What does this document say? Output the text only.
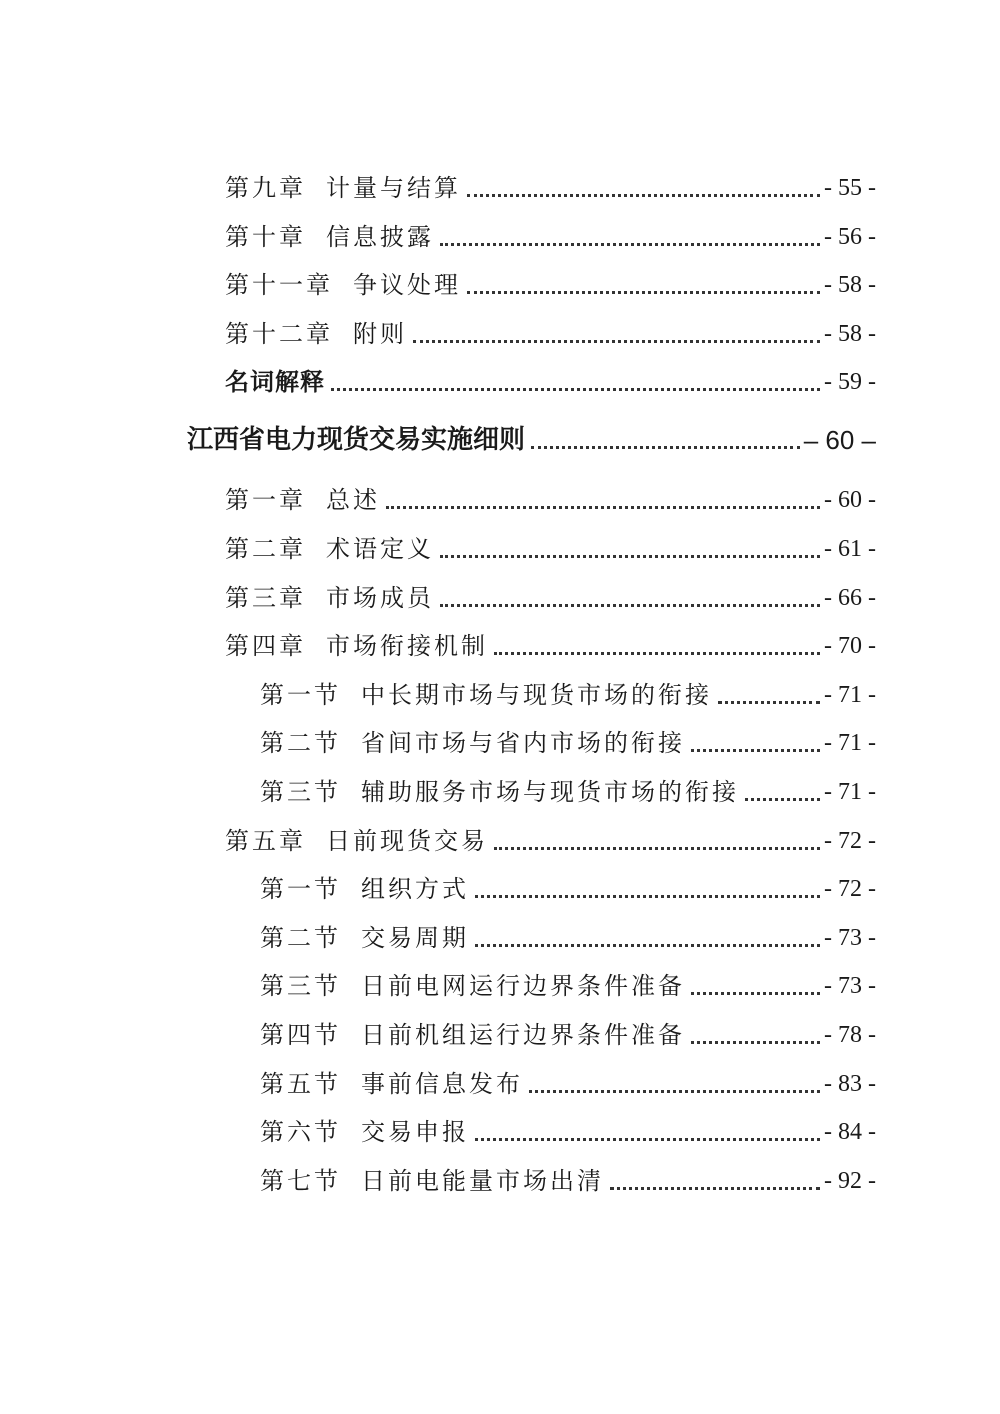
第九章 计量与结算	- 55 -
第十章 信息披露	- 56 -
第十一章 争议处理	- 58 -
第十二章 附则	- 58 -
名词解释	- 59 -
江西省电力现货交易实施细则	– 60 –
第一章 总述	- 60 -
第二章 术语定义	- 61 -
第三章 市场成员	- 66 -
第四章 市场衔接机制	- 70 -
第一节 中长期市场与现货市场的衔接	- 71 -
第二节 省间市场与省内市场的衔接	- 71 -
第三节 辅助服务市场与现货市场的衔接	- 71 -
第五章 日前现货交易	- 72 -
第一节 组织方式	- 72 -
第二节 交易周期	- 73 -
第三节 日前电网运行边界条件准备	- 73 -
第四节 日前机组运行边界条件准备	- 78 -
第五节 事前信息发布	- 83 -
第六节 交易申报	- 84 -
第七节 日前电能量市场出清	- 92 -
